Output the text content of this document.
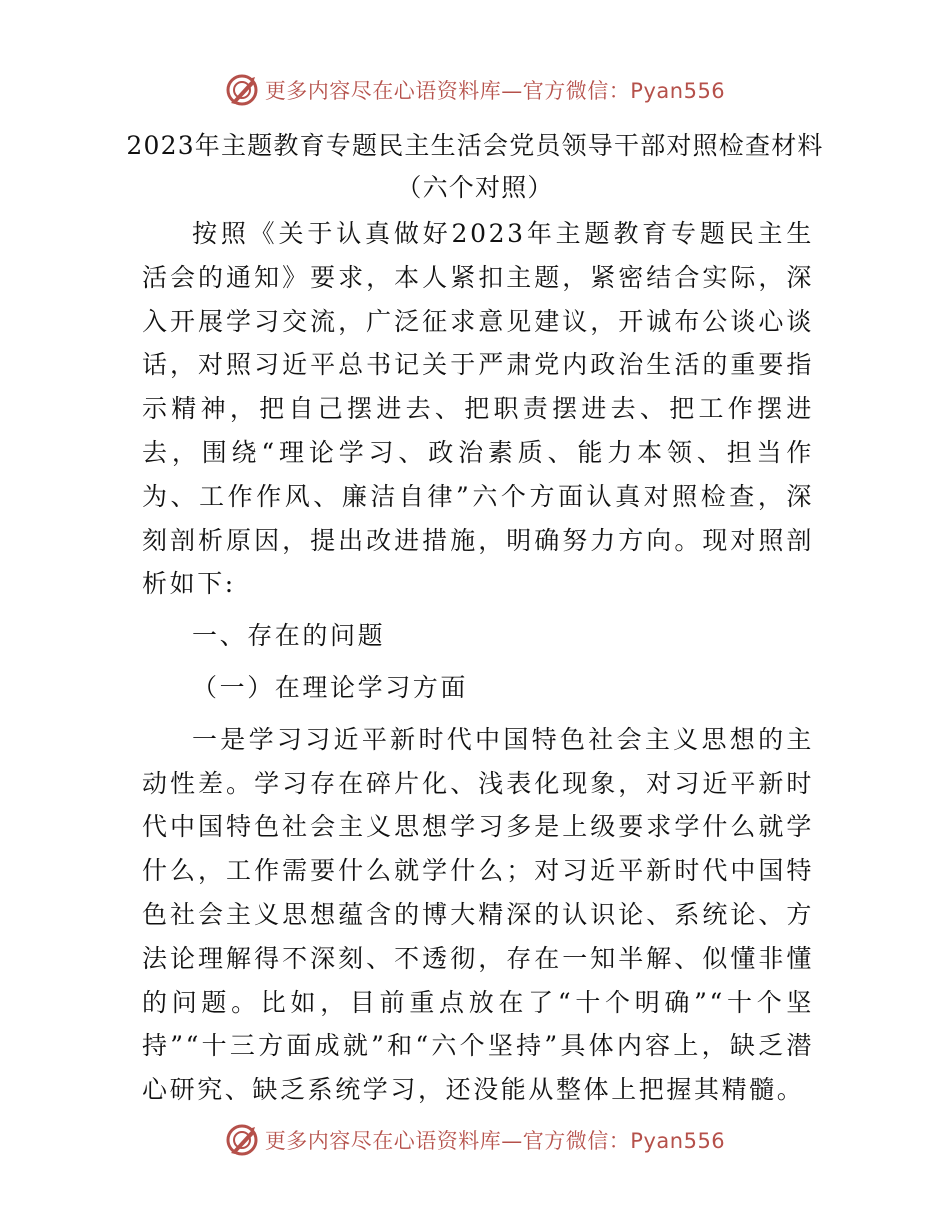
更多内容尽在心语资料库—官方微信：Pyan556
2023年主题教育专题民主生活会党员领导干部对照检查材料
（六个对照）

按照《关于认真做好2023年主题教育专题民主生活会的通知》要求，本人紧扣主题，紧密结合实际，深入开展学习交流，广泛征求意见建议，开诚布公谈心谈话，对照习近平总书记关于严肃党内政治生活的重要指示精神，把自己摆进去、把职责摆进去、把工作摆进去，围绕“理论学习、政治素质、能力本领、担当作为、工作作风、廉洁自律”六个方面认真对照检查，深刻剖析原因，提出改进措施，明确努力方向。现对照剖析如下:

一、存在的问题

（一）在理论学习方面

一是学习习近平新时代中国特色社会主义思想的主动性差。学习存在碎片化、浅表化现象，对习近平新时代中国特色社会主义思想学习多是上级要求学什么就学什么，工作需要什么就学什么；对习近平新时代中国特色社会主义思想蕴含的博大精深的认识论、系统论、方法论理解得不深刻、不透彻，存在一知半解、似懂非懂的问题。比如，目前重点放在了“十个明确”“十个坚持”“十三方面成就”和“六个坚持”具体内容上，缺乏潜心研究、缺乏系统学习，还没能从整体上把握其精髓。

更多内容尽在心语资料库—官方微信：Pyan556
